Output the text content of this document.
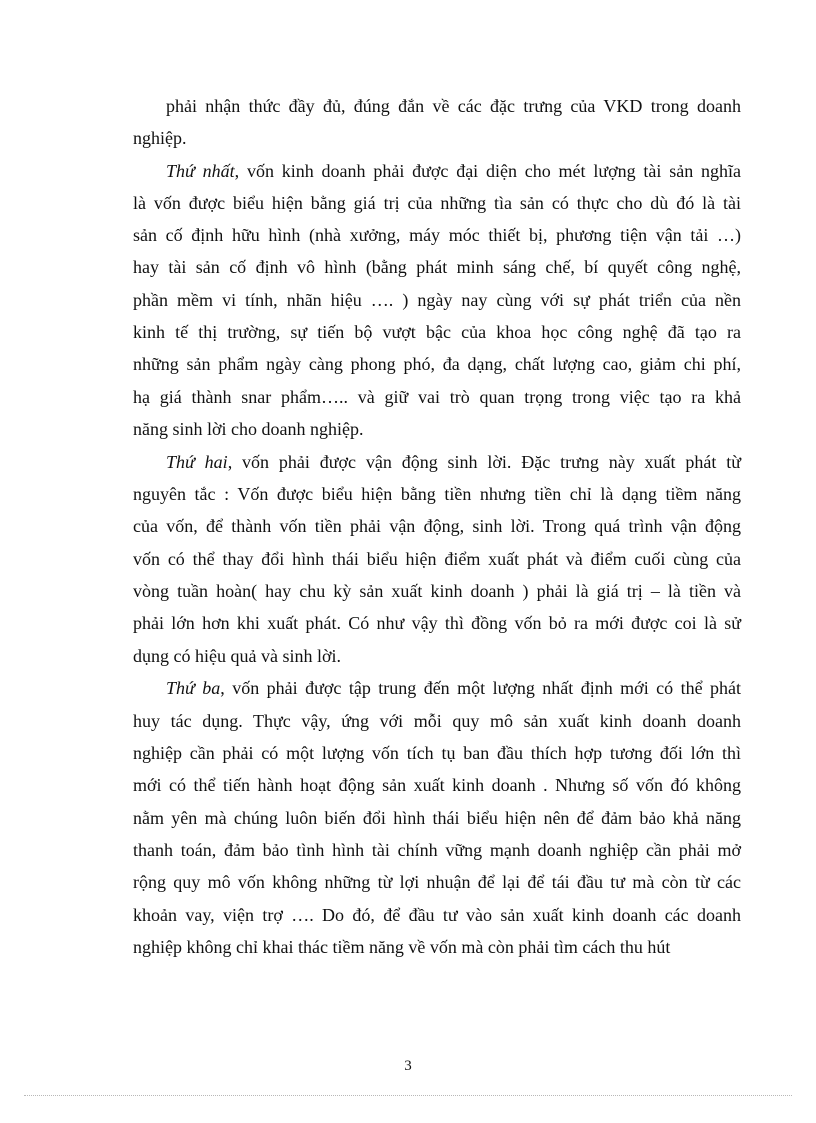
phải nhận thức đầy đủ, đúng đắn về các đặc trưng của VKD trong doanh
nghiệp.
Thứ nhất, vốn kinh doanh phải được đại diện cho mét lượng tài sản nghĩa
là vốn được biểu hiện bằng giá trị của những tìa sản có thực cho dù đó là tài
sản cố định hữu hình (nhà xưởng, máy móc thiết bị, phương tiện vận tải …)
hay tài sản cố định vô hình (bằng phát minh sáng chế, bí quyết công nghệ,
phần mềm vi tính, nhãn hiệu …. ) ngày nay cùng với sự phát triển của nền
kinh tế thị trường, sự tiến bộ vượt bậc của khoa học công nghệ đã tạo ra
những sản phẩm ngày càng phong phó, đa dạng, chất lượng cao, giảm chi phí,
hạ giá thành snar phẩm….. và giữ vai trò quan trọng trong việc tạo ra khả
năng sinh lời cho doanh nghiệp.
Thứ hai, vốn phải được vận động sinh lời. Đặc trưng này xuất phát từ
nguyên tắc : Vốn được biểu hiện bằng tiền nhưng tiền chỉ là dạng tiềm năng
của vốn, để thành vốn tiền phải vận động, sinh lời. Trong quá trình vận động
vốn có thể thay đổi hình thái biểu hiện điểm xuất phát và điểm cuối cùng của
vòng tuần hoàn( hay chu kỳ sản xuất kinh doanh ) phải là giá trị – là tiền và
phải lớn hơn khi xuất phát. Có như vậy thì đồng vốn bỏ ra mới được coi là sử
dụng có hiệu quả và sinh lời.
Thứ ba, vốn phải được tập trung đến một lượng nhất định mới có thể phát
huy tác dụng. Thực vậy, ứng với mỗi quy mô sản xuất kinh doanh doanh
nghiệp cần phải có một lượng vốn tích tụ ban đầu thích hợp tương đối lớn thì
mới có thể tiến hành hoạt động sản xuất kinh doanh . Nhưng số vốn đó không
nằm yên mà chúng luôn biến đổi hình thái biểu hiện nên để đảm bảo khả năng
thanh toán, đảm bảo tình hình tài chính vững mạnh doanh nghiệp cần phải mở
rộng quy mô vốn không những từ lợi nhuận để lại để tái đầu tư mà còn từ các
khoản vay, viện trợ …. Do đó, để đầu tư vào sản xuất kinh doanh các doanh
nghiệp không chỉ khai thác tiềm năng về vốn mà còn phải tìm cách thu hút
3
